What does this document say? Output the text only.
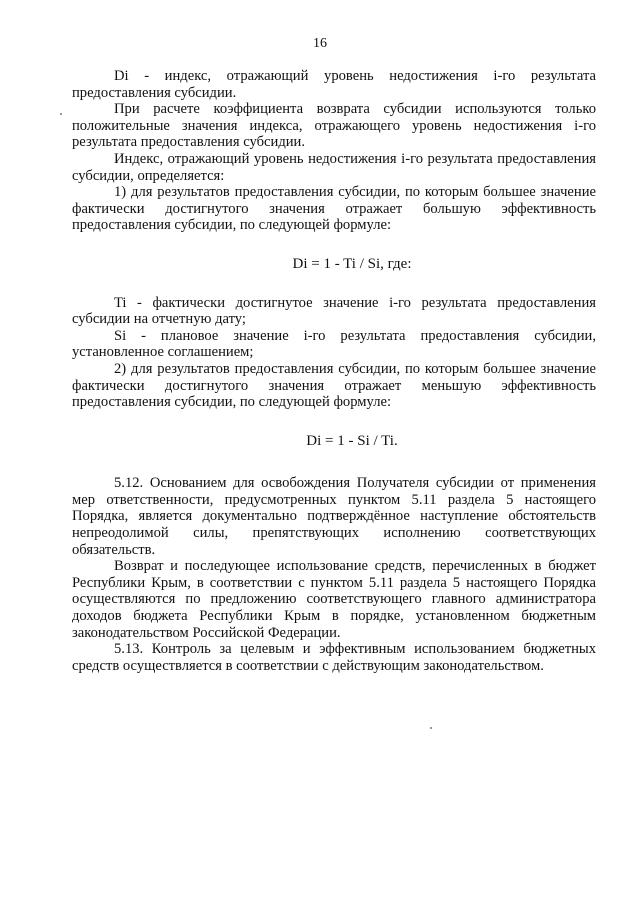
16

Di - индекс, отражающий уровень недостижения i-го результата предоставления субсидии.

При расчете коэффициента возврата субсидии используются только положительные значения индекса, отражающего уровень недостижения i-го результата предоставления субсидии.

Индекс, отражающий уровень недостижения i-го результата предоставления субсидии, определяется:

1) для результатов предоставления субсидии, по которым большее значение фактически достигнутого значения отражает большую эффективность предоставления субсидии, по следующей формуле:

Di = 1 - Ti / Si, где:

Ti - фактически достигнутое значение i-го результата предоставления субсидии на отчетную дату;

Si - плановое значение i-го результата предоставления субсидии, установленное соглашением;

2) для результатов предоставления субсидии, по которым большее значение фактически достигнутого значения отражает меньшую эффективность предоставления субсидии, по следующей формуле:

Di = 1 - Si / Ti.

5.12. Основанием для освобождения Получателя субсидии от применения мер ответственности, предусмотренных пунктом 5.11 раздела 5 настоящего Порядка, является документально подтверждённое наступление обстоятельств непреодолимой силы, препятствующих исполнению соответствующих обязательств.

Возврат и последующее использование средств, перечисленных в бюджет Республики Крым, в соответствии с пунктом 5.11 раздела 5 настоящего Порядка осуществляются по предложению соответствующего главного администратора доходов бюджета Республики Крым в порядке, установленном бюджетным законодательством Российской Федерации.

5.13. Контроль за целевым и эффективным использованием бюджетных средств осуществляется в соответствии с действующим законодательством.
